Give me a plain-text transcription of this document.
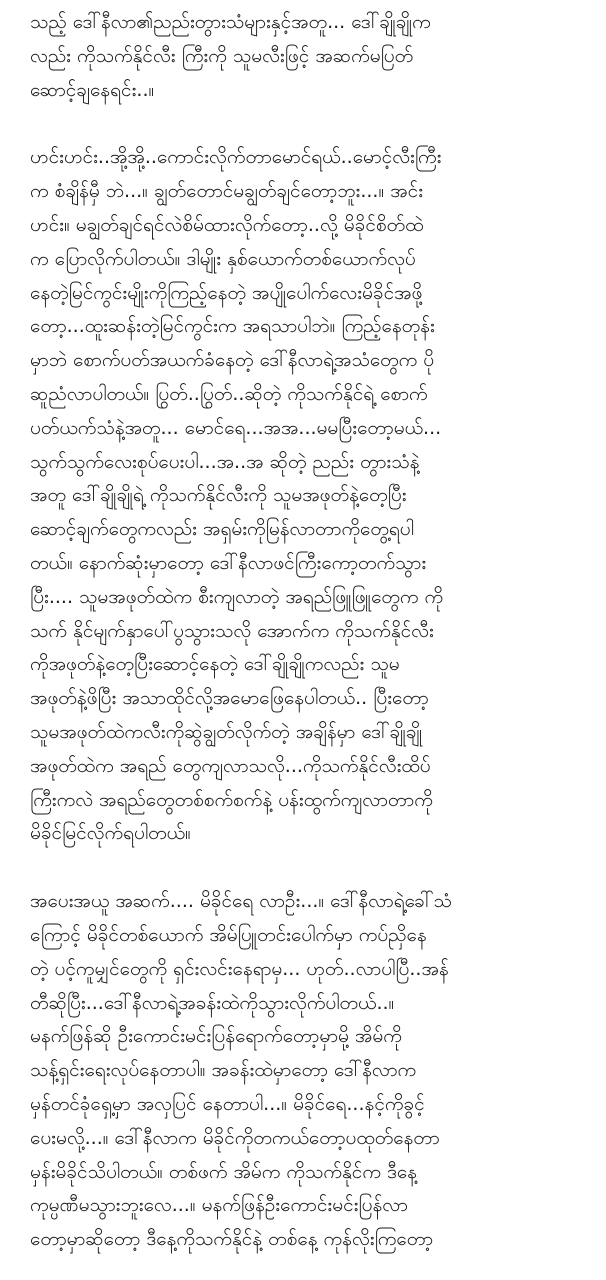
သည့် ဒေါ်နီလာ၏ညည်းတွားသံများနှင့်အတူ... ဒေါ်ချိုချိုက
လည်း ကိုသက်နိုင်လီး ကြီးကို သူမလီးဖြင့် အဆက်မပြတ်
ဆောင့်ချနေရင်း..။

ဟင်းဟင်း..အို့အို့..ကောင်းလိုက်တာမောင်ရယ်..မောင့်လီးကြီး
က စံချိန်မှီ ဘဲ...။ ချွတ်တောင်မချွတ်ချင်တော့ဘူး...။ အင်း
ဟင်း။ မချွတ်ချင်ရင်လဲစိမ်ထားလိုက်တော့..လို့ မိခိုင်စိတ်ထဲ
က ပြောလိုက်ပါတယ်။ ဒါမျိုး နှစ်ယောက်တစ်ယောက်လုပ်
နေတဲ့မြင်ကွင်းမျိုးကိုကြည့်နေတဲ့ အပျိုပေါက်လေးမိခိုင်အဖို့
တော့...ထူးဆန်းတဲ့မြင်ကွင်းက အရသာပါဘဲ။ ကြည့်နေတုန်း
မှာဘဲ စောက်ပတ်အယက်ခံနေတဲ့ ဒေါ်နီလာရဲ့အသံတွေက ပို
ဆူညံလာပါတယ်။ ပြွတ်..ပြွတ်..ဆိုတဲ့ ကိုသက်နိုင်ရဲ့ စောက်
ပတ်ယက်သံနဲ့အတူ... မောင်ရေ...အအ...မမပြီးတော့မယ်...
သွက်သွက်လေးစုပ်ပေးပါ...အ..အ ဆိုတဲ့ ညည်း တွားသံနဲ့
အတူ ဒေါ်ချိုချိုရဲ့ ကိုသက်နိုင်လီးကို သူမအဖုတ်နဲ့တေ့ပြီး
ဆောင့်ချက်တွေကလည်း အရှမ်းကိုမြန်လာတာကိုတွေ့ရပါ
တယ်။ နောက်ဆုံးမှာတော့ ဒေါ်နီလာဖင်ကြီးကော့တက်သွား
ပြီး.... သူမအဖုတ်ထဲက စီးကျလာတဲ့ အရည်ဖြူဖြူတွေက ကို
သက် နိုင်မျက်နှာပေါ်ပွသွားသလို အောက်က ကိုသက်နိုင်လီး
ကိုအဖုတ်နဲ့တေ့ပြီးဆောင့်နေတဲ့ ဒေါ်ချိုချိုကလည်း သူမ
အဖုတ်နဲ့ဖိပြီး အသာထိုင်လို့အမောဖြေနေပါတယ်.. ပြီးတော့
သူမအဖုတ်ထဲကလီးကိုဆွဲချွတ်လိုက်တဲ့ အချိန်မှာ ဒေါ်ချိုချို
အဖုတ်ထဲက အရည် တွေကျလာသလို...ကိုသက်နိုင်လီးထိပ်
ကြီးကလဲ အရည်တွေတစ်စက်စက်နဲ့ ပန်းထွက်ကျလာတာကို
မိခိုင်မြင်လိုက်ရပါတယ်။

အပေးအယူ အဆက်.... မိခိုင်ရေ လာဦး...။ ဒေါ်နီလာရဲ့ခေါ်သံ
ကြောင့် မိခိုင်တစ်ယောက် အိမ်ပြူတင်းပေါက်မှာ ကပ်ညှိနေ
တဲ့ ပင့်ကူမျှင်တွေကို ရှင်းလင်းနေရာမှ... ဟုတ်..လာပါပြီ..အန်
တီဆိုပြီး...ဒေါ်နီလာရဲ့အခန်းထဲကိုသွားလိုက်ပါတယ်..။
မနက်ဖြန်ဆို ဦးကောင်းမင်းပြန်ရောက်တော့မှာမို့ အိမ်ကို
သန့်ရှင်းရေးလုပ်နေတာပါ။ အခန်းထဲမှာတော့ ဒေါ်နီလာက
မှန်တင်ခုံရှေ့မှာ အလှပြင် နေတာပါ...။ မိခိုင်ရေ...နင့်ကိုခွင့်
ပေးမလို့...။ ဒေါ်နီလာက မိခိုင်ကိုတကယ်တော့ပထုတ်နေတာ
မှန်းမိခိုင်သိပါတယ်။ တစ်ဖက် အိမ်က ကိုသက်နိုင်က ဒီနေ့
ကုမ္ပဏီမသွားဘူးလေ...။ မနက်ဖြန်ဦးကောင်းမင်းပြန်လာ
တော့မှာဆိုတော့ ဒီနေ့ကိုသက်နိုင်နဲ့ တစ်နေ့ ကုန်လိုးကြတော့
